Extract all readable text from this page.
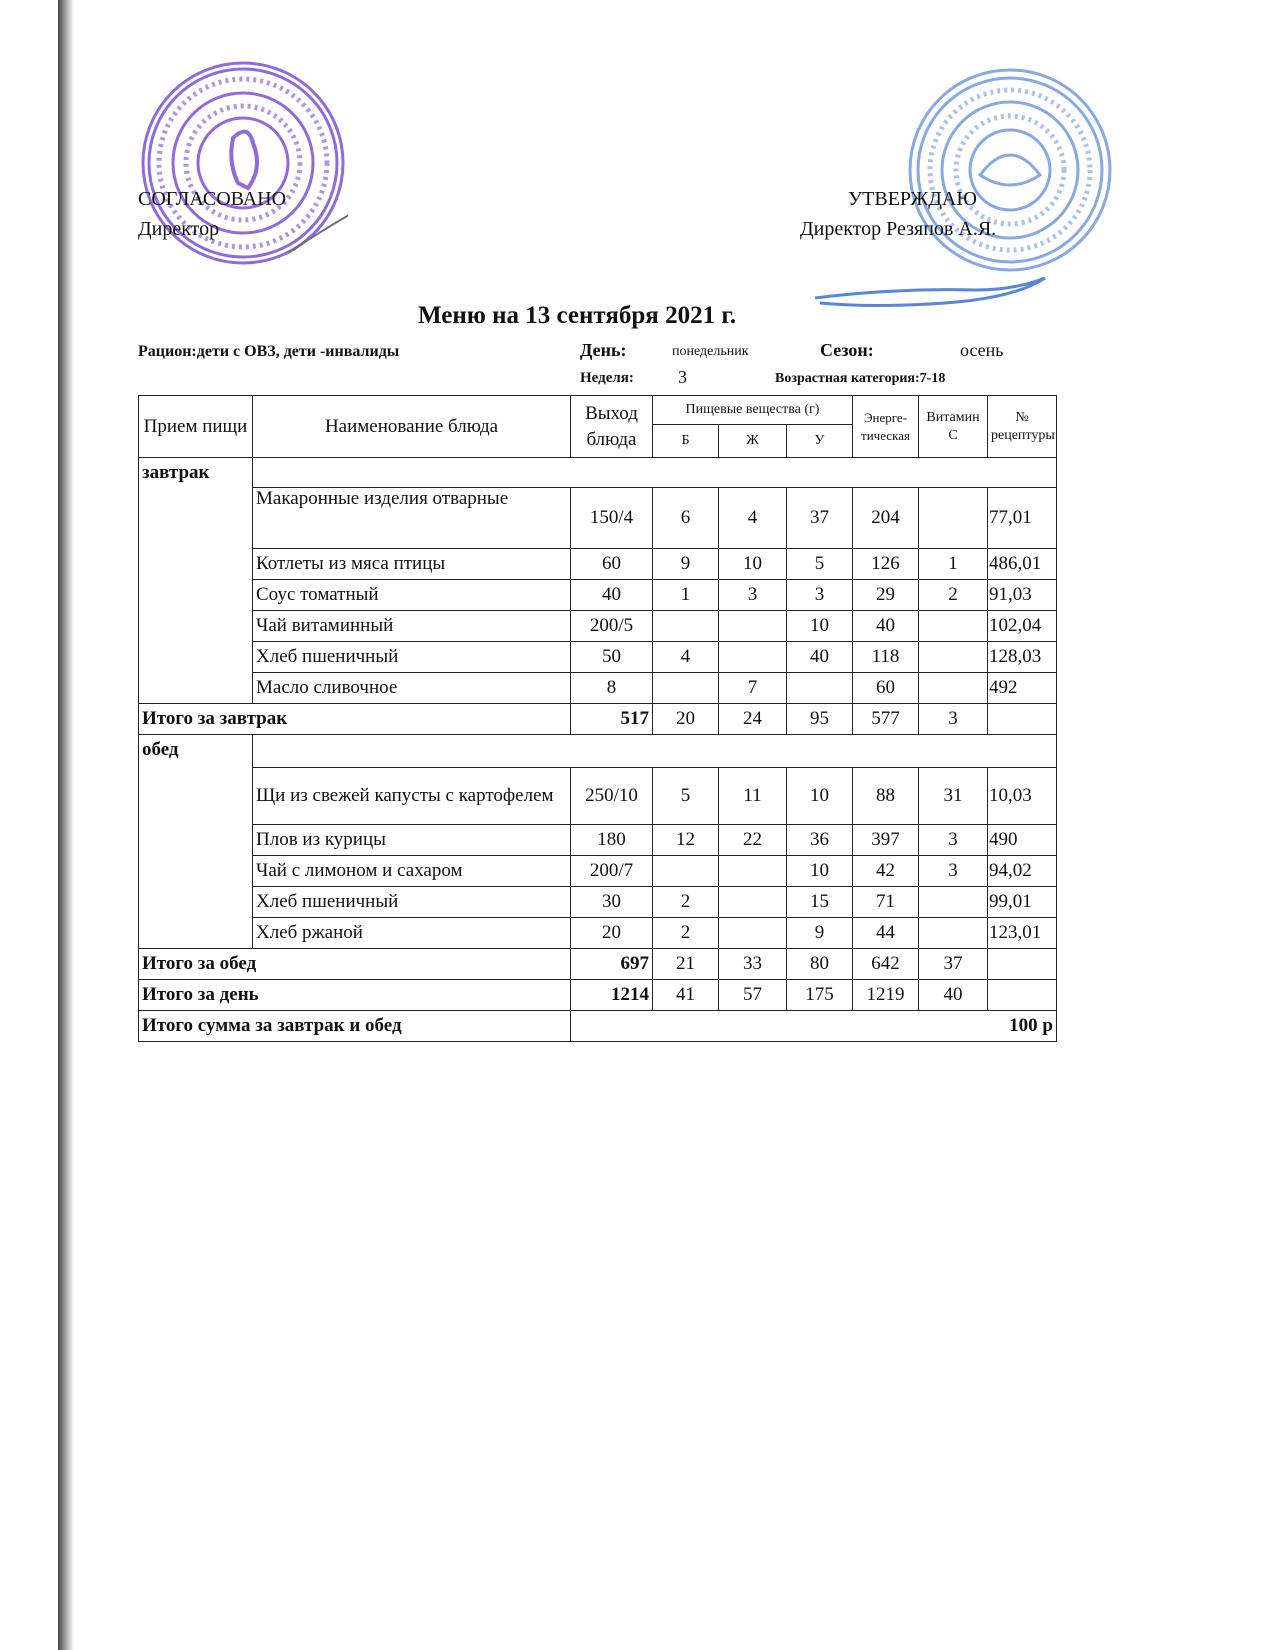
СОГЛАСОВАНО
Директор
УТВЕРЖДАЮ
Директор Резяпов А.Я.
Меню на 13 сентября 2021 г.
Рацион:дети с ОВЗ, дети -инвалиды	День:	понедельник	Сезон:	осень
Неделя: 3	Возрастная категория:7-18
Прием пищи	Наименование блюда	Выход блюда	Пищевые вещества (г)			Энерге-тическая	Витамин С	№ рецептуры
			Б	Ж	У			
завтрак								
	Макаронные изделия отварные	150/4	6	4	37	204		77,01
	Котлеты из мяса птицы	60	9	10	5	126	1	486,01
	Соус томатный	40	1	3	3	29	2	91,03
	Чай витаминный	200/5			10	40		102,04
	Хлеб пшеничный	50	4		40	118		128,03
	Масло сливочное	8		7		60		492
Итого за завтрак		517	20	24	95	577	3	
обед								
	Щи из свежей капусты с картофелем	250/10	5	11	10	88	31	10,03
	Плов из курицы	180	12	22	36	397	3	490
	Чай с лимоном и сахаром	200/7			10	42	3	94,02
	Хлеб пшеничный	30	2		15	71		99,01
	Хлеб ржаной	20	2		9	44		123,01
Итого за обед		697	21	33	80	642	37	
Итого за день		1214	41	57	175	1219	40	
Итого сумма за завтрак и обед		100 р						
